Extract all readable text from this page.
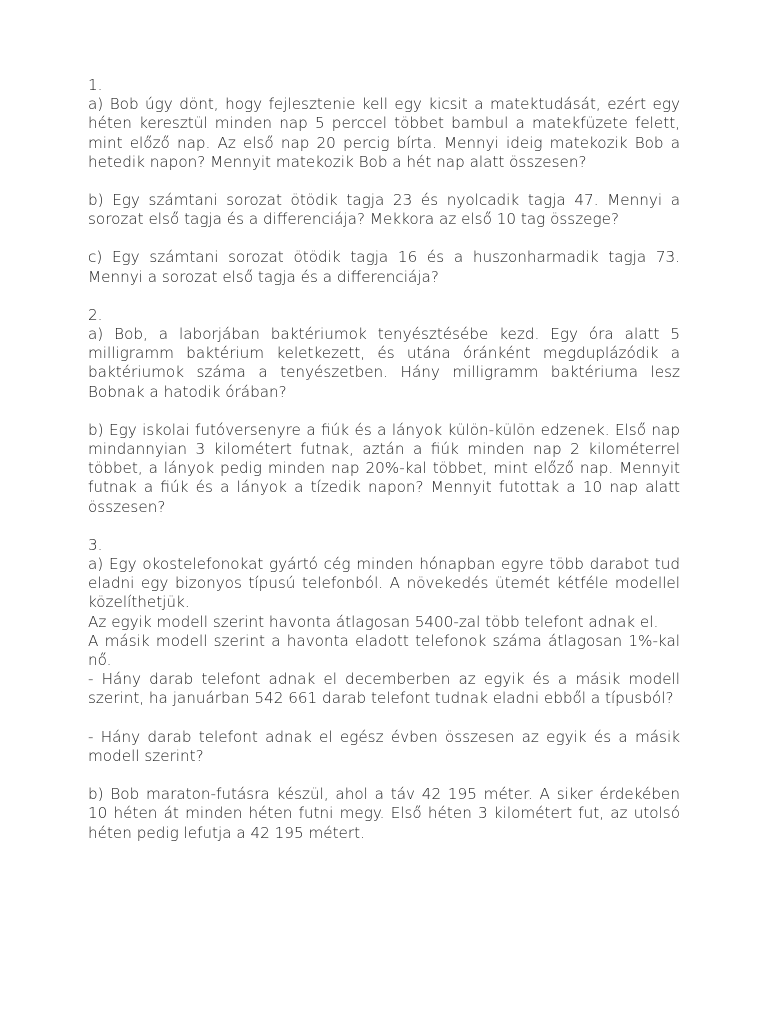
1.

a) Bob úgy dönt, hogy fejlesztenie kell egy kicsit a matektudását, ezért egy héten keresztül minden nap 5 perccel többet bambul a matekfüzete felett, mint előző nap. Az első nap 20 percig bírta. Mennyi ideig matekozik Bob a hetedik napon? Mennyit matekozik Bob a hét nap alatt összesen?

b) Egy számtani sorozat ötödik tagja 23 és nyolcadik tagja 47. Mennyi a sorozat első tagja és a differenciája? Mekkora az első 10 tag összege?

c) Egy számtani sorozat ötödik tagja 16 és a huszonharmadik tagja 73. Mennyi a sorozat első tagja és a differenciája?

2.

a) Bob, a laborjában baktériumok tenyésztésébe kezd. Egy óra alatt 5 milligramm baktérium keletkezett, és utána óránként megduplázódik a baktériumok száma a tenyészetben. Hány milligramm baktériuma lesz Bobnak a hatodik órában?

b) Egy iskolai futóversenyre a fiúk és a lányok külön-külön edzenek. Első nap mindannyian 3 kilométert futnak, aztán a fiúk minden nap 2 kilométerrel többet, a lányok pedig minden nap 20%-kal többet, mint előző nap. Mennyit futnak a fiúk és a lányok a tízedik napon? Mennyit futottak a 10 nap alatt összesen?

3.

a) Egy okostelefonokat gyártó cég minden hónapban egyre több darabot tud eladni egy bizonyos típusú telefonból. A növekedés ütemét kétféle modellel közelíthetjük.

Az egyik modell szerint havonta átlagosan 5400-zal több telefont adnak el.

A másik modell szerint a havonta eladott telefonok száma átlagosan 1%-kal nő.

- Hány darab telefont adnak el decemberben az egyik és a másik modell szerint, ha januárban 542 661 darab telefont tudnak eladni ebből a típusból?

- Hány darab telefont adnak el egész évben összesen az egyik és a másik modell szerint?

b) Bob maraton-futásra készül, ahol a táv 42 195 méter. A siker érdekében 10 héten át minden héten futni megy. Első héten 3 kilométert fut, az utolsó héten pedig lefutja a 42 195 métert.
